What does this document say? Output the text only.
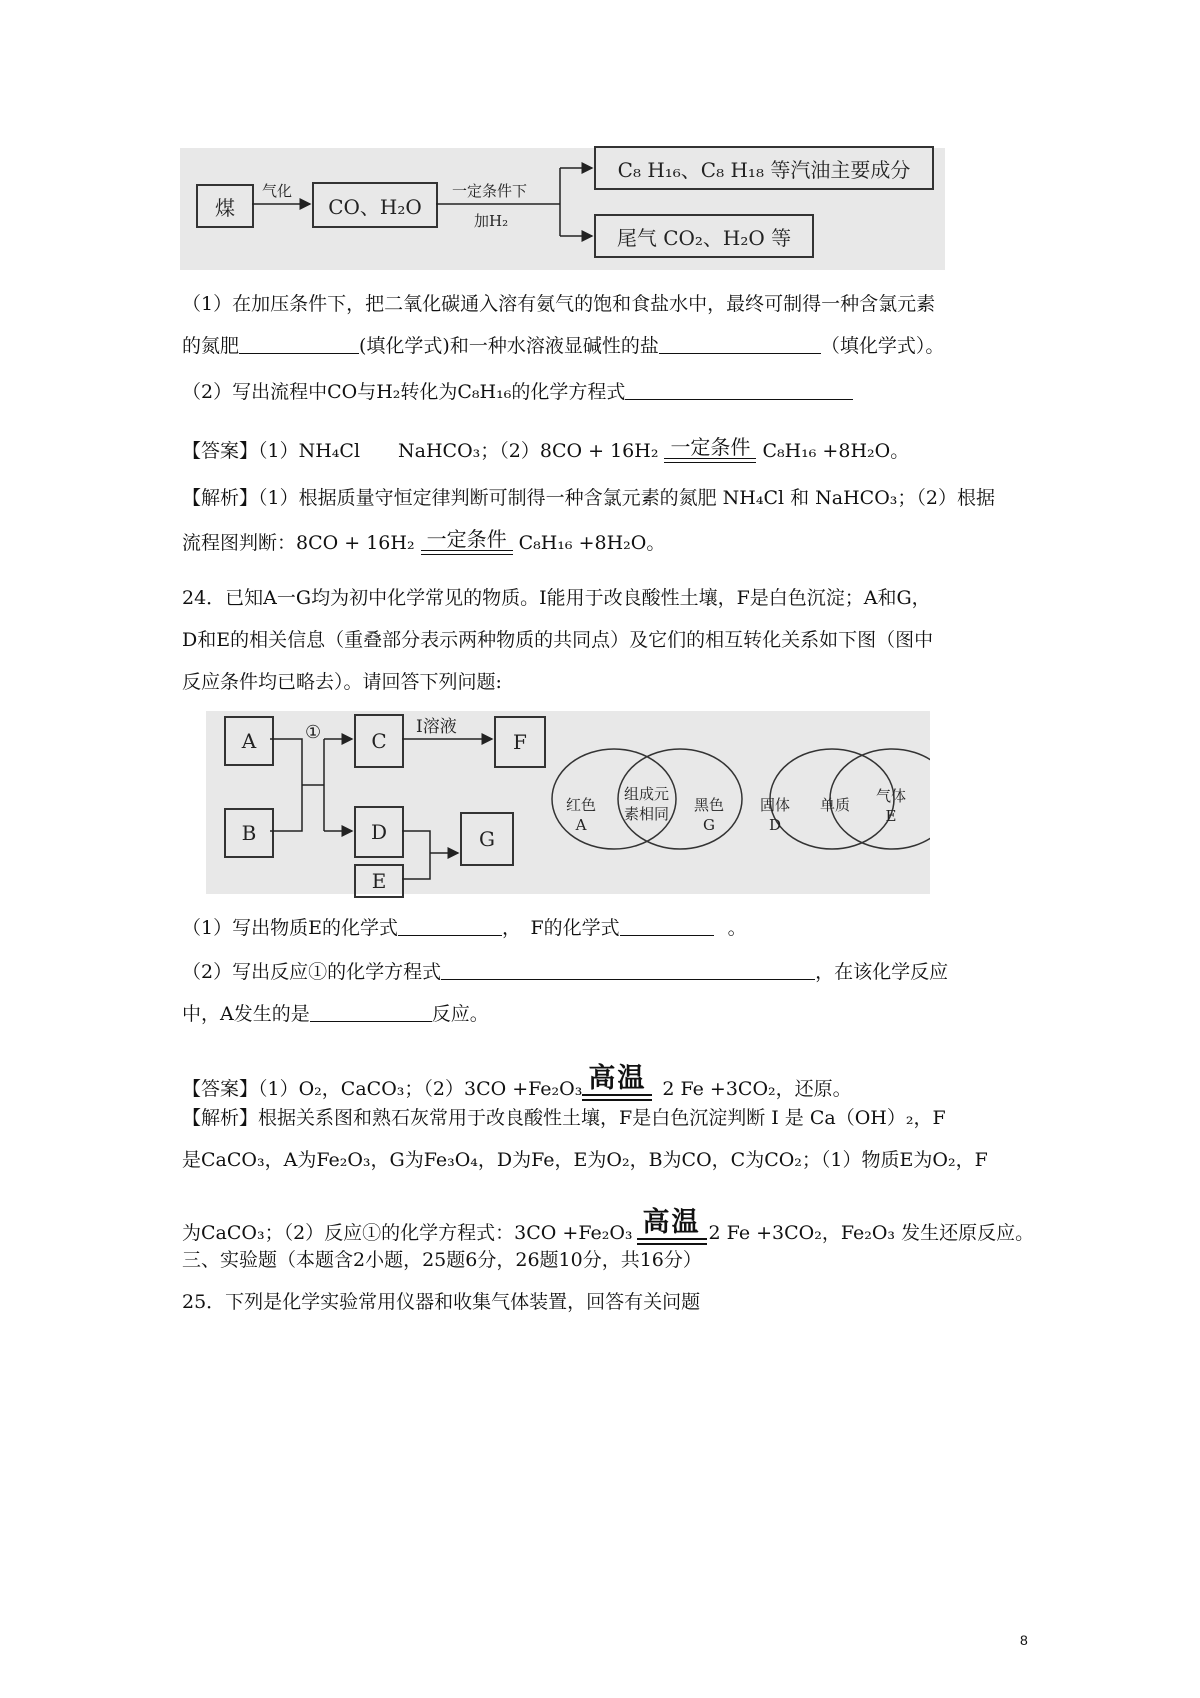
煤	CO、H₂O
C₈ H₁₆、C₈ H₁₈ 等汽油主要成分
尾气 CO₂、H₂O 等
气化	一定条件下
加H₂
（1）在加压条件下，把二氧化碳通入溶有氨气的饱和食盐水中，最终可制得一种含氯元素
的氮肥	(填化学式)和一种水溶液显碱性的盐	（填化学式）。
（2）写出流程中CO与H₂转化为C₈H₁₆的化学方程式
【答案】（1）NH₄Cl　　NaHCO₃；（2）8CO + 16H₂ 一定条件 C₈H₁₆ +8H₂O。
【解析】（1）根据质量守恒定律判断可制得一种含氯元素的氮肥 NH₄Cl 和 NaHCO₃；（2）根据
流程图判断：8CO + 16H₂ 一定条件 C₈H₁₆ +8H₂O。
24．已知A一G均为初中化学常见的物质。I能用于改良酸性土壤，F是白色沉淀；A和G，
D和E的相关信息（重叠部分表示两种物质的共同点）及它们的相互转化关系如下图（图中
反应条件均已略去）。请回答下列问题:
A
B
C
D
E
F
G
①	I溶液
红色
A
组成元
素相同 黑色
G
固体
D
单质 气体
E
（1）写出物质E的化学式	，　F的化学式	。
（2）写出反应①的化学方程式	，在该化学反应
中，A发生的是	反应。
【答案】（1）O₂，CaCO₃；（2）3CO +Fe₂O₃ 高温 2 Fe +3CO₂，还原。
【解析】根据关系图和熟石灰常用于改良酸性土壤，F是白色沉淀判断 I 是 Ca（OH）₂，F
是CaCO₃，A为Fe₂O₃，G为Fe₃O₄，D为Fe，E为O₂，B为CO，C为CO₂；（1）物质E为O₂，F
为CaCO₃；（2）反应①的化学方程式：3CO +Fe₂O₃ 高温 2 Fe +3CO₂，Fe₂O₃ 发生还原反应。
三、实验题（本题含2小题，25题6分，26题10分，共16分）
25．下列是化学实验常用仪器和收集气体装置，回答有关问题
8
